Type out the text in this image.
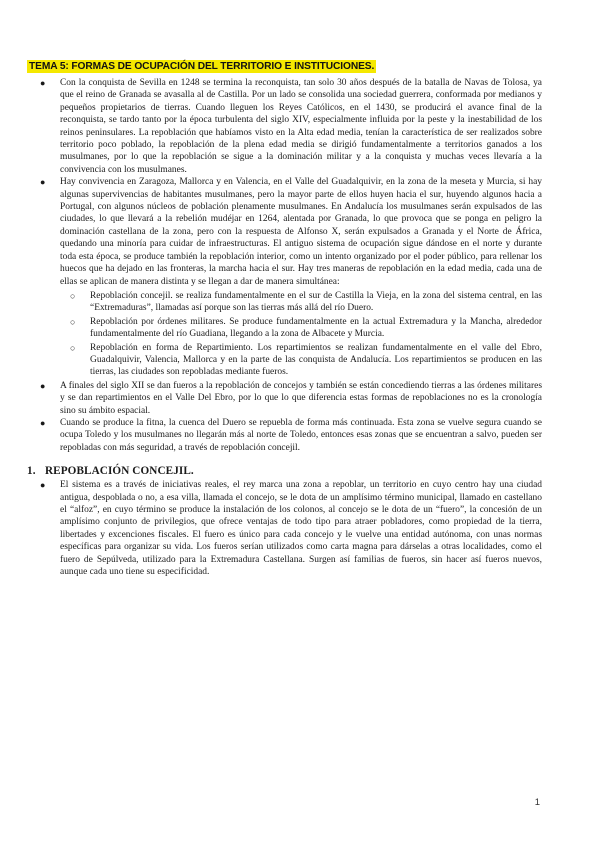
TEMA 5: FORMAS DE OCUPACIÓN DEL TERRITORIO E INSTITUCIONES.
● Con la conquista de Sevilla en 1248 se termina la reconquista, tan solo 30 años después de la batalla de Navas de Tolosa, ya que el reino de Granada se avasalla al de Castilla. Por un lado se consolida una sociedad guerrera, conformada por medianos y pequeños propietarios de tierras. Cuando lleguen los Reyes Católicos, en el 1430, se producirá el avance final de la reconquista, se tardo tanto por la época turbulenta del siglo XIV, especialmente influida por la peste y la inestabilidad de los reinos peninsulares. La repoblación que habíamos visto en la Alta edad media, tenían la característica de ser realizados sobre territorio poco poblado, la repoblación de la plena edad media se dirigió fundamentalmente a territorios ganados a los musulmanes, por lo que la repoblación se sigue a la dominación militar y a la conquista y muchas veces llevaría a la convivencia con los musulmanes.
● Hay convivencia en Zaragoza, Mallorca y en Valencia, en el Valle del Guadalquivir, en la zona de la meseta y Murcia, si hay algunas supervivencias de habitantes musulmanes, pero la mayor parte de ellos huyen hacia el sur, huyendo algunos hacia a Portugal, con algunos núcleos de población plenamente musulmanes. En Andalucía los musulmanes serán expulsados de las ciudades, lo que llevará a la rebelión mudéjar en 1264, alentada por Granada, lo que provoca que se ponga en peligro la dominación castellana de la zona, pero con la respuesta de Alfonso X, serán expulsados a Granada y el Norte de África, quedando una minoría para cuidar de infraestructuras. El antiguo sistema de ocupación sigue dándose en el norte y durante toda esta época, se produce también la repoblación interior, como un intento organizado por el poder público, para rellenar los huecos que ha dejado en las fronteras, la marcha hacia el sur. Hay tres maneras de repoblación en la edad media, cada una de ellas se aplican de manera distinta y se llegan a dar de manera simultánea:
○ Repoblación concejil. se realiza fundamentalmente en el sur de Castilla la Vieja, en la zona del sistema central, en las “Extremaduras”, llamadas así porque son las tierras más allá del río Duero.
○ Repoblación por órdenes militares. Se produce fundamentalmente en la actual Extremadura y la Mancha, alrededor fundamentalmente del río Guadiana, llegando a la zona de Albacete y Murcia.
○ Repoblación en forma de Repartimiento. Los repartimientos se realizan fundamentalmente en el valle del Ebro, Guadalquivir, Valencia, Mallorca y en la parte de las conquista de Andalucía. Los repartimientos se producen en las tierras, las ciudades son repobladas mediante fueros.
● A finales del siglo XII se dan fueros a la repoblación de concejos y también se están concediendo tierras a las órdenes militares y se dan repartimientos en el Valle Del Ebro, por lo que lo que diferencia estas formas de repoblaciones no es la cronología sino su ámbito espacial.
● Cuando se produce la fitna, la cuenca del Duero se repuebla de forma más continuada. Esta zona se vuelve segura cuando se ocupa Toledo y los musulmanes no llegarán más al norte de Toledo, entonces esas zonas que se encuentran a salvo, pueden ser repobladas con más seguridad, a través de repoblación concejil.
1. REPOBLACIÓN CONCEJIL.
● El sistema es a través de iniciativas reales, el rey marca una zona a repoblar, un territorio en cuyo centro hay una ciudad antigua, despoblada o no, a esa villa, llamada el concejo, se le dota de un amplísimo término municipal, llamado en castellano el “alfoz”, en cuyo término se produce la instalación de los colonos, al concejo se le dota de un “fuero”, la concesión de un amplísimo conjunto de privilegios, que ofrece ventajas de todo tipo para atraer pobladores, como propiedad de la tierra, libertades y excenciones fiscales. El fuero es único para cada concejo y le vuelve una entidad autónoma, con unas normas específicas para organizar su vida. Los fueros serían utilizados como carta magna para dárselas a otras localidades, como el fuero de Sepúlveda, utilizado para la Extremadura Castellana. Surgen así familias de fueros, sin hacer así fueros nuevos, aunque cada uno tiene su especificidad.
1
